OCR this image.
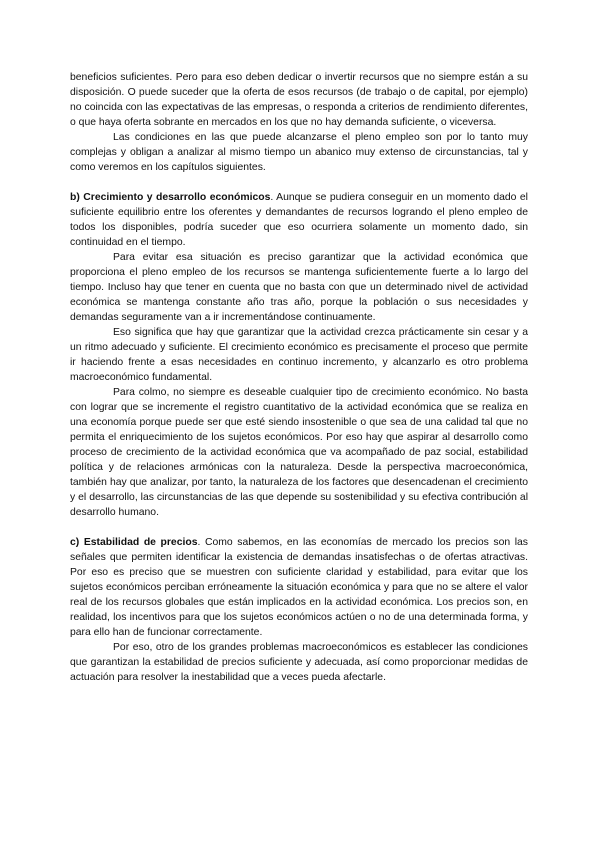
beneficios suficientes. Pero para eso deben dedicar o invertir recursos que no siempre están a su disposición. O puede suceder que la oferta de esos recursos (de trabajo o de capital, por ejemplo) no coincida con las expectativas de las empresas, o responda a criterios de rendimiento diferentes, o que haya oferta sobrante en mercados en los que no hay demanda suficiente, o viceversa.

Las condiciones en las que puede alcanzarse el pleno empleo son por lo tanto muy complejas y obligan a analizar al mismo tiempo un abanico muy extenso de circunstancias, tal y como veremos en los capítulos siguientes.

b) Crecimiento y desarrollo económicos. Aunque se pudiera conseguir en un momento dado el suficiente equilibrio entre los oferentes y demandantes de recursos logrando el pleno empleo de todos los disponibles, podría suceder que eso ocurriera solamente un momento dado, sin continuidad en el tiempo.

Para evitar esa situación es preciso garantizar que la actividad económica que proporciona el pleno empleo de los recursos se mantenga suficientemente fuerte a lo largo del tiempo. Incluso hay que tener en cuenta que no basta con que un determinado nivel de actividad económica se mantenga constante año tras año, porque la población o sus necesidades y demandas seguramente van a ir incrementándose continuamente.

Eso significa que hay que garantizar que la actividad crezca prácticamente sin cesar y a un ritmo adecuado y suficiente. El crecimiento económico es precisamente el proceso que permite ir haciendo frente a esas necesidades en continuo incremento, y alcanzarlo es otro problema macroeconómico fundamental.

Para colmo, no siempre es deseable cualquier tipo de crecimiento económico. No basta con lograr que se incremente el registro cuantitativo de la actividad económica que se realiza en una economía porque puede ser que esté siendo insostenible o que sea de una calidad tal que no permita el enriquecimiento de los sujetos económicos. Por eso hay que aspirar al desarrollo como proceso de crecimiento de la actividad económica que va acompañado de paz social, estabilidad política y de relaciones armónicas con la naturaleza. Desde la perspectiva macroeconómica, también hay que analizar, por tanto, la naturaleza de los factores que desencadenan el crecimiento y el desarrollo, las circunstancias de las que depende su sostenibilidad y su efectiva contribución al desarrollo humano.

c) Estabilidad de precios. Como sabemos, en las economías de mercado los precios son las señales que permiten identificar la existencia de demandas insatisfechas o de ofertas atractivas. Por eso es preciso que se muestren con suficiente claridad y estabilidad, para evitar que los sujetos económicos perciban erróneamente la situación económica y para que no se altere el valor real de los recursos globales que están implicados en la actividad económica. Los precios son, en realidad, los incentivos para que los sujetos económicos actúen o no de una determinada forma, y para ello han de funcionar correctamente.

Por eso, otro de los grandes problemas macroeconómicos es establecer las condiciones que garantizan la estabilidad de precios suficiente y adecuada, así como proporcionar medidas de actuación para resolver la inestabilidad que a veces pueda afectarle.
